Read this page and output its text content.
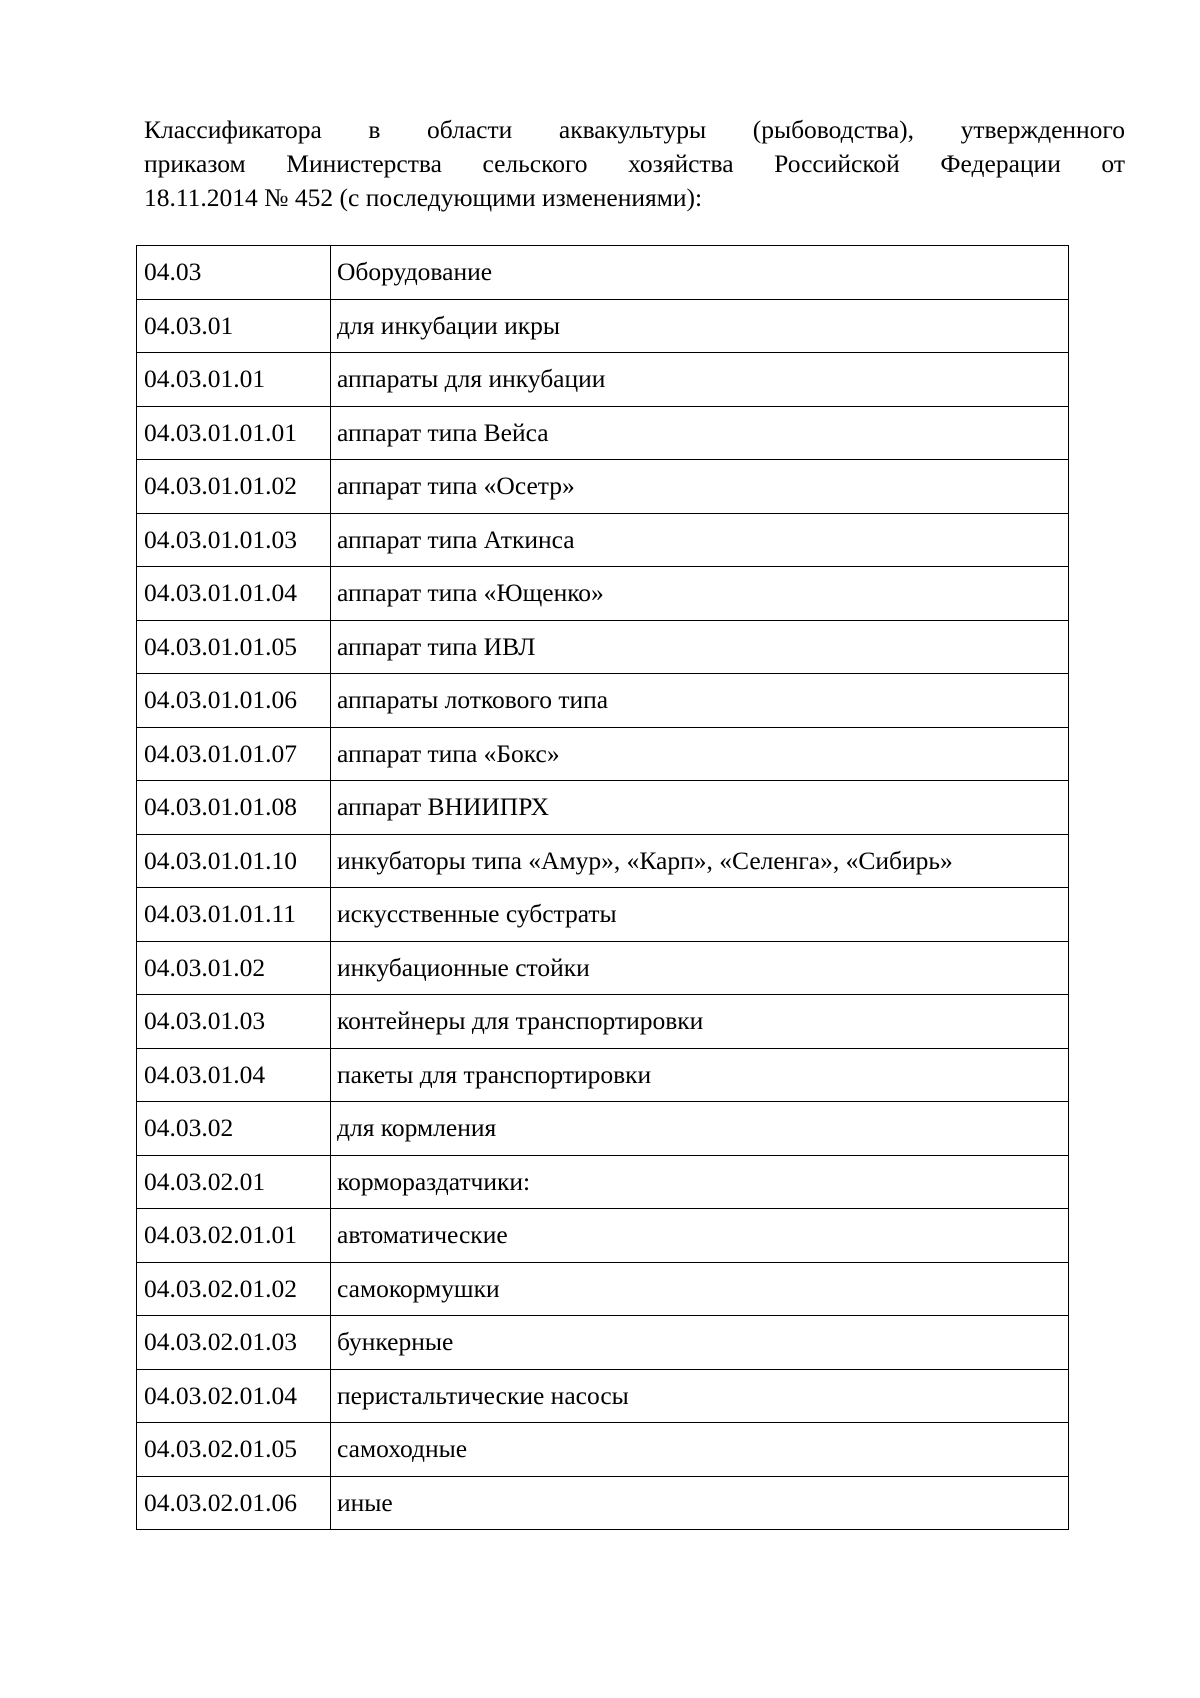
Классификатора в области аквакультуры (рыбоводства), утвержденного
приказом Министерства сельского хозяйства Российской Федерации от
18.11.2014 № 452 (с последующими изменениями):

04.03	Оборудование
04.03.01	для инкубации икры
04.03.01.01	аппараты для инкубации
04.03.01.01.01	аппарат типа Вейса
04.03.01.01.02	аппарат типа «Осетр»
04.03.01.01.03	аппарат типа Аткинса
04.03.01.01.04	аппарат типа «Ющенко»
04.03.01.01.05	аппарат типа ИВЛ
04.03.01.01.06	аппараты лоткового типа
04.03.01.01.07	аппарат типа «Бокс»
04.03.01.01.08	аппарат ВНИИПРХ
04.03.01.01.10	инкубаторы типа «Амур», «Карп», «Селенга», «Сибирь»
04.03.01.01.11	искусственные субстраты
04.03.01.02	инкубационные стойки
04.03.01.03	контейнеры для транспортировки
04.03.01.04	пакеты для транспортировки
04.03.02	для кормления
04.03.02.01	кормораздатчики:
04.03.02.01.01	автоматические
04.03.02.01.02	самокормушки
04.03.02.01.03	бункерные
04.03.02.01.04	перистальтические насосы
04.03.02.01.05	самоходные
04.03.02.01.06	иные
